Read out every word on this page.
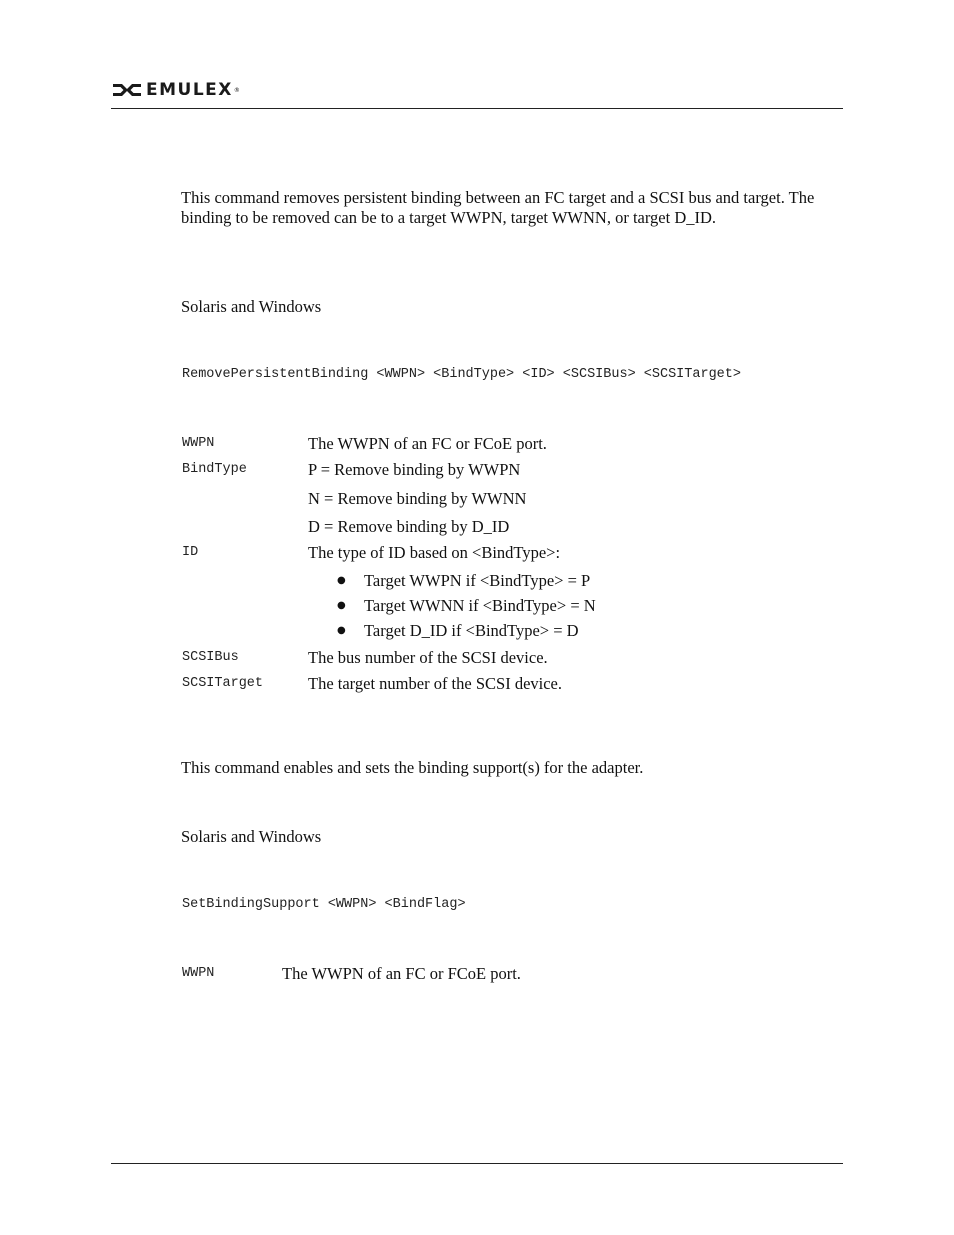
EMULEX ®
This command removes persistent binding between an FC target and a SCSI bus and target. The binding to be removed can be to a target WWPN, target WWNN, or target D_ID.
Solaris and Windows
RemovePersistentBinding <WWPN> <BindType> <ID> <SCSIBus> <SCSITarget>
WWPN	The WWPN of an FC or FCoE port.
BindType	P = Remove binding by WWPN
N = Remove binding by WWNN
D = Remove binding by D_ID
ID	The type of ID based on <BindType>:
● Target WWPN if <BindType> = P
● Target WWNN if <BindType> = N
● Target D_ID if <BindType> = D
SCSIBus	The bus number of the SCSI device.
SCSITarget	The target number of the SCSI device.
This command enables and sets the binding support(s) for the adapter.
Solaris and Windows
SetBindingSupport <WWPN> <BindFlag>
WWPN	The WWPN of an FC or FCoE port.
